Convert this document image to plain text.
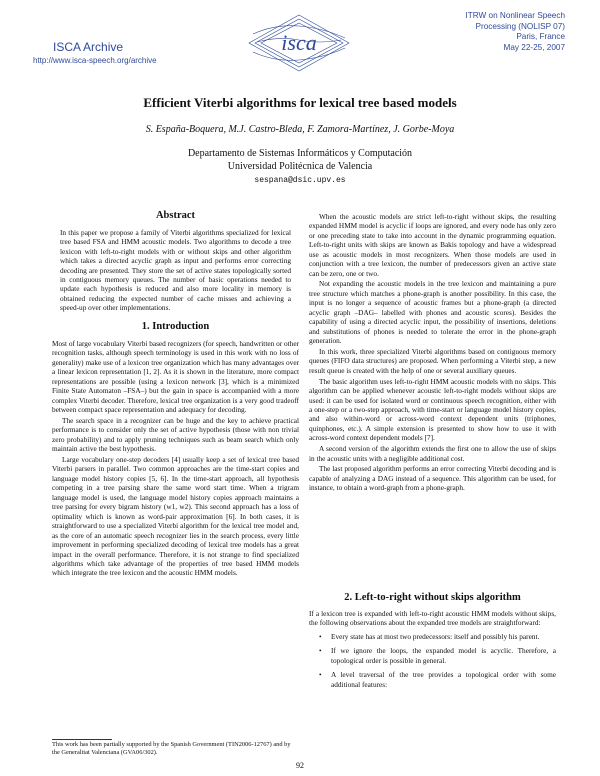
ISCA Archive
http://www.isca-speech.org/archive
isca
ITRW on Nonlinear Speech
Processing (NOLISP 07)
Paris, France
May 22-25, 2007
Efficient Viterbi algorithms for lexical tree based models
S. España-Boquera, M.J. Castro-Bleda, F. Zamora-Martínez, J. Gorbe-Moya
Departamento de Sistemas Informáticos y Computación
Universidad Politécnica de Valencia
sespana@dsic.upv.es
Abstract
In this paper we propose a family of Viterbi algorithms specialized for lexical tree based FSA and HMM acoustic models. Two algorithms to decode a tree lexicon with left-to-right models with or without skips and other algorithm which takes a directed acyclic graph as input and performs error correcting decoding are presented. They store the set of active states topologically sorted in contiguous memory queues. The number of basic operations needed to update each hypothesis is reduced and also more locality in memory is obtained reducing the expected number of cache misses and achieving a speed-up over other implementations.
1. Introduction

Most of large vocabulary Viterbi based recognizers (for speech, handwritten or other recognition tasks, although speech terminology is used in this work with no loss of generality) make use of a lexicon tree organization which has many advantages over a linear lexicon representation [1, 2]. As it is shown in the literature, more compact representations are possible (using a lexicon network [3], which is a minimized Finite State Automaton –FSA–) but the gain in space is accompanied with a more complex Viterbi decoder. Therefore, lexical tree organization is a very good tradeoff between compact space representation and adequacy for decoding.

The search space in a recognizer can be huge and the key to achieve practical performance is to consider only the set of active hypothesis (those with non trivial zero probability) and to apply pruning techniques such as beam search which only maintain active the best hypothesis.

Large vocabulary one-step decoders [4] usually keep a set of lexical tree based Viterbi parsers in parallel. Two common approaches are the time-start copies and language model history copies [5, 6]. In the time-start approach, all hypothesis competing in a tree parsing share the same word start time. When a trigram language model is used, the language model history copies approach maintains a tree parsing for every bigram history (w1, w2). This second approach has a loss of optimality which is known as word-pair approximation [6]. In both cases, it is straightforward to use a specialized Viterbi algorithm for the lexical tree model and, as the core of an automatic speech recognizer lies in the search process, every little improvement in performing specialized decoding of lexical tree models has a great impact in the overall performance. Therefore, it is not strange to find specialized algorithms which take advantage of the properties of tree based HMM models which integrate the tree lexicon and the acoustic HMM models.

When the acoustic models are strict left-to-right without skips, the resulting expanded HMM model is acyclic if loops are ignored, and every node has only zero or one preceding state to take into account in the dynamic programming equation. Left-to-right units with skips are known as Bakis topology and have a widespread use as acoustic models in most recognizers. When those models are used in conjunction with a tree lexicon, the number of predecessors given an active state can be zero, one or two.

Not expanding the acoustic models in the tree lexicon and maintaining a pure tree structure which matches a phone-graph is another possibility. In this case, the input is no longer a sequence of acoustic frames but a phone-graph (a directed acyclic graph –DAG– labelled with phones and acoustic scores). Besides the capability of using a directed acyclic input, the possibility of insertions, deletions and substitutions of phones is needed to tolerate the error in the phone-graph generation.

In this work, three specialized Viterbi algorithms based on contiguous memory queues (FIFO data structures) are proposed. When performing a Viterbi step, a new result queue is created with the help of one or several auxiliary queues.

The basic algorithm uses left-to-right HMM acoustic models with no skips. This algorithm can be applied whenever acoustic left-to-right models without skips are used: it can be used for isolated word or continuous speech recognition, either with a one-step or a two-step approach, with time-start or language model history copies, and also within-word or across-word context dependent units (triphones, quinphones, etc.). A simple extension is presented to show how to use it with across-word context dependent models [7].

A second version of the algorithm extends the first one to allow the use of skips in the acoustic units with a negligible additional cost.

The last proposed algorithm performs an error correcting Viterbi decoding and is capable of analyzing a DAG instead of a sequence. This algorithm can be used, for instance, to obtain a word-graph from a phone-graph.

2. Left-to-right without skips algorithm

If a lexicon tree is expanded with left-to-right acoustic HMM models without skips, the following observations about the expanded tree models are straightforward:

• Every state has at most two predecessors: itself and possibly his parent.
• If we ignore the loops, the expanded model is acyclic. Therefore, a topological order is possible in general.
• A level traversal of the tree provides a topological order with some additional features:
This work has been partially supported by the Spanish Government (TIN2006-12767) and by the Generalitat Valenciana (GVA06/302).
92
